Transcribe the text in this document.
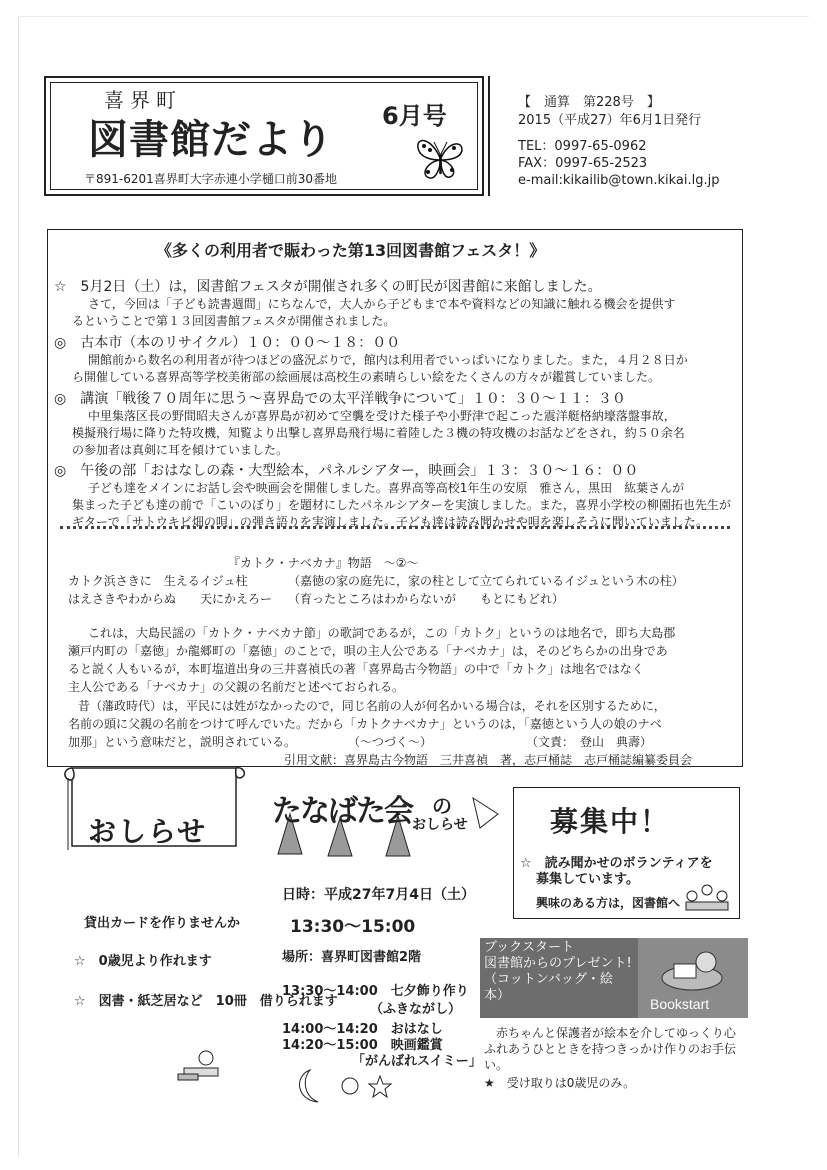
喜界町
図書館だより
6月号
〒891-6201喜界町大字赤連小学樋口前30番地
【　通算　第228号　】
2015（平成27）年6月1日発行
TEL：0997-65-0962
FAX：0997-65-2523
e-mail:kikailib@town.kikai.lg.jp
《多くの利用者で賑わった第13回図書館フェスタ！》
☆　5月2日（土）は，図書館フェスタが開催され多くの町民が図書館に来館しました。
さて，今回は「子ども読書週間」にちなんで，大人から子どもまで本や資料などの知識に触れる機会を提供す
るということで第１３回図書館フェスタが開催されました。
◎　古本市（本のリサイクル）１０：００～１８：００
開館前から数名の利用者が待つほどの盛況ぶりで，館内は利用者でいっぱいになりました。また，４月２８日か
ら開催している喜界高等学校美術部の絵画展は高校生の素晴らしい絵をたくさんの方々が鑑賞していました。
◎　講演「戦後７０周年に思う～喜界島での太平洋戦争について」１０：３０～１１：３０
中里集落区長の野間昭夫さんが喜界島が初めて空襲を受けた様子や小野津で起こった震洋艇格納壕落盤事故，
模擬飛行場に降りた特攻機，知覧より出撃し喜界島飛行場に着陸した３機の特攻機のお話などをされ，約５０余名
の参加者は真剣に耳を傾けていました。
◎　午後の部「おはなしの森・大型絵本，パネルシアター，映画会」１３：３０～１６：００
子ども達をメインにお話し会や映画会を開催しました。喜界高等高校1年生の安原　雅さん，黒田　紘葉さんが
集まった子ども達の前で「こいのぼり」を題材にしたパネルシアターを実演しました。また，喜界小学校の柳園拓也先生が
ギターで「サトウキビ畑の唄」の弾き語りを実演しました。子ども達は読み聞かせや唄を楽しそうに聞いていました。
『カトク・ナベカナ』物語　～②～
カトク浜さきに　生えるイジュ柱	（嘉徳の家の庭先に，家の柱として立てられているイジュという木の柱）
はえさきやわからぬ　　天にかえろー （育ったところはわからないが　　もとにもどれ）
これは，大島民謡の「カトク・ナベカナ節」の歌詞であるが，この「カトク」というのは地名で，即ち大島郡
瀬戸内町の「嘉徳」か龍郷町の「嘉徳」のことで，唄の主人公である「ナベカナ」は，そのどちらかの出身であ
ると説く人もいるが，本町塩道出身の三井喜禎氏の著「喜界島古今物語」の中で「カトク」は地名ではなく
主人公である「ナベカナ」の父親の名前だと述べておられる。
昔（藩政時代）は，平民には姓がなかったので，同じ名前の人が何名かいる場合は，それを区別するために，
名前の頭に父親の名前をつけて呼んでいた。だから「カトクナベカナ」というのは，「嘉徳という人の娘のナベ
加那」という意味だと，説明されている。	（～つづく～）	（文責：　登山　典壽）
引用文献：喜界島古今物語　三井喜禎　著，志戸桶誌　志戸桶誌編纂委員会
おしらせ
貸出カードを作りませんか
☆　0歳児より作れます
☆　図書・紙芝居など　10冊　借りられます
たなばた会 の
おしらせ
日時：平成27年7月4日（土）
13:30～15:00
場所：喜界町図書館2階
13:30～14:00　七夕飾り作り
（ふきながし）
14:00～14:20　おはなし
14:20～15:00　映画鑑賞
「がんばれスイミー」
募集中！
☆　読み聞かせのボランティアを
募集しています。
興味のある方は，図書館へ
ブックスタート
図書館からのプレゼント!
（コットンバッグ・絵
本）
Bookstart
赤ちゃんと保護者が絵本を介してゆっくり心
ふれあうひとときを持つきっかけ作りのお手伝
い。
★　受け取りは0歳児のみ。
